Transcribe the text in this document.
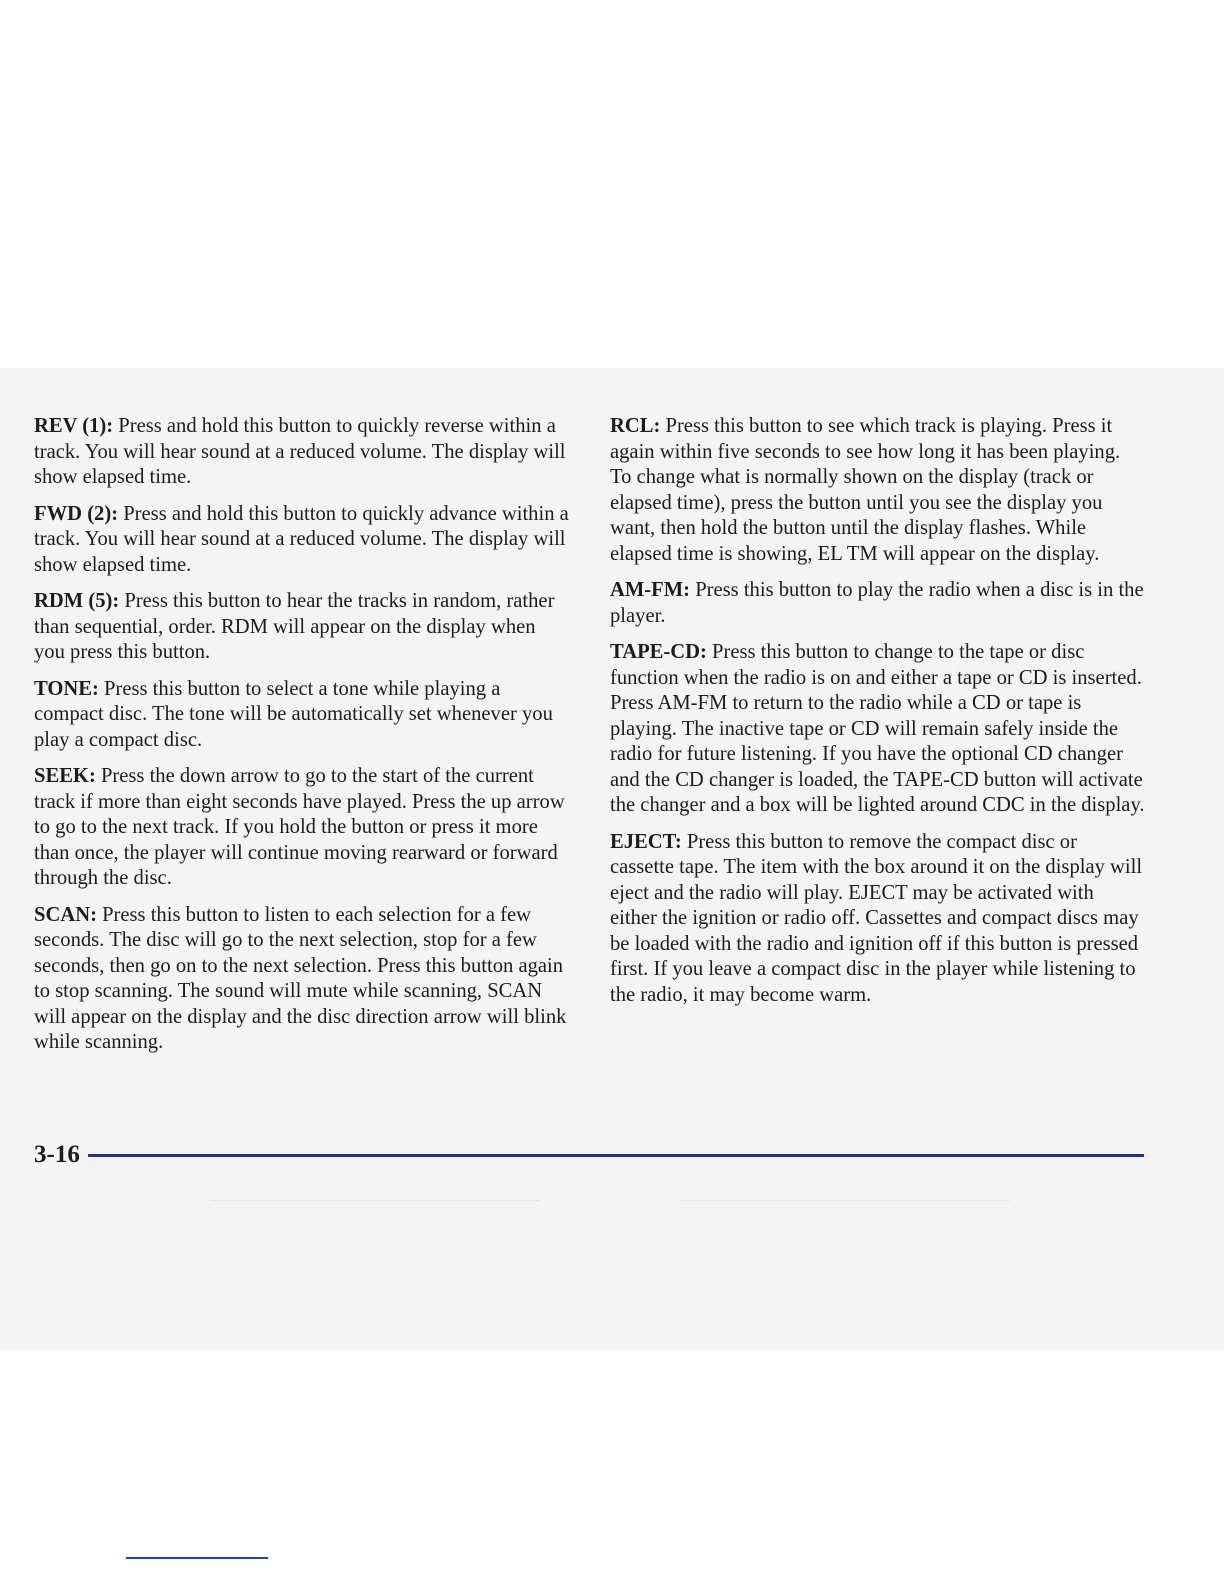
REV (1): Press and hold this button to quickly reverse within a track. You will hear sound at a reduced volume. The display will show elapsed time.

FWD (2): Press and hold this button to quickly advance within a track. You will hear sound at a reduced volume. The display will show elapsed time.

RDM (5): Press this button to hear the tracks in random, rather than sequential, order. RDM will appear on the display when you press this button.

TONE: Press this button to select a tone while playing a compact disc. The tone will be automatically set whenever you play a compact disc.

SEEK: Press the down arrow to go to the start of the current track if more than eight seconds have played. Press the up arrow to go to the next track. If you hold the button or press it more than once, the player will continue moving rearward or forward through the disc.

SCAN: Press this button to listen to each selection for a few seconds. The disc will go to the next selection, stop for a few seconds, then go on to the next selection. Press this button again to stop scanning. The sound will mute while scanning, SCAN will appear on the display and the disc direction arrow will blink while scanning.

RCL: Press this button to see which track is playing. Press it again within five seconds to see how long it has been playing. To change what is normally shown on the display (track or elapsed time), press the button until you see the display you want, then hold the button until the display flashes. While elapsed time is showing, EL TM will appear on the display.

AM-FM: Press this button to play the radio when a disc is in the player.

TAPE-CD: Press this button to change to the tape or disc function when the radio is on and either a tape or CD is inserted. Press AM-FM to return to the radio while a CD or tape is playing. The inactive tape or CD will remain safely inside the radio for future listening. If you have the optional CD changer and the CD changer is loaded, the TAPE-CD button will activate the changer and a box will be lighted around CDC in the display.

EJECT: Press this button to remove the compact disc or cassette tape. The item with the box around it on the display will eject and the radio will play. EJECT may be activated with either the ignition or radio off. Cassettes and compact discs may be loaded with the radio and ignition off if this button is pressed first. If you leave a compact disc in the player while listening to the radio, it may become warm.

3-16
